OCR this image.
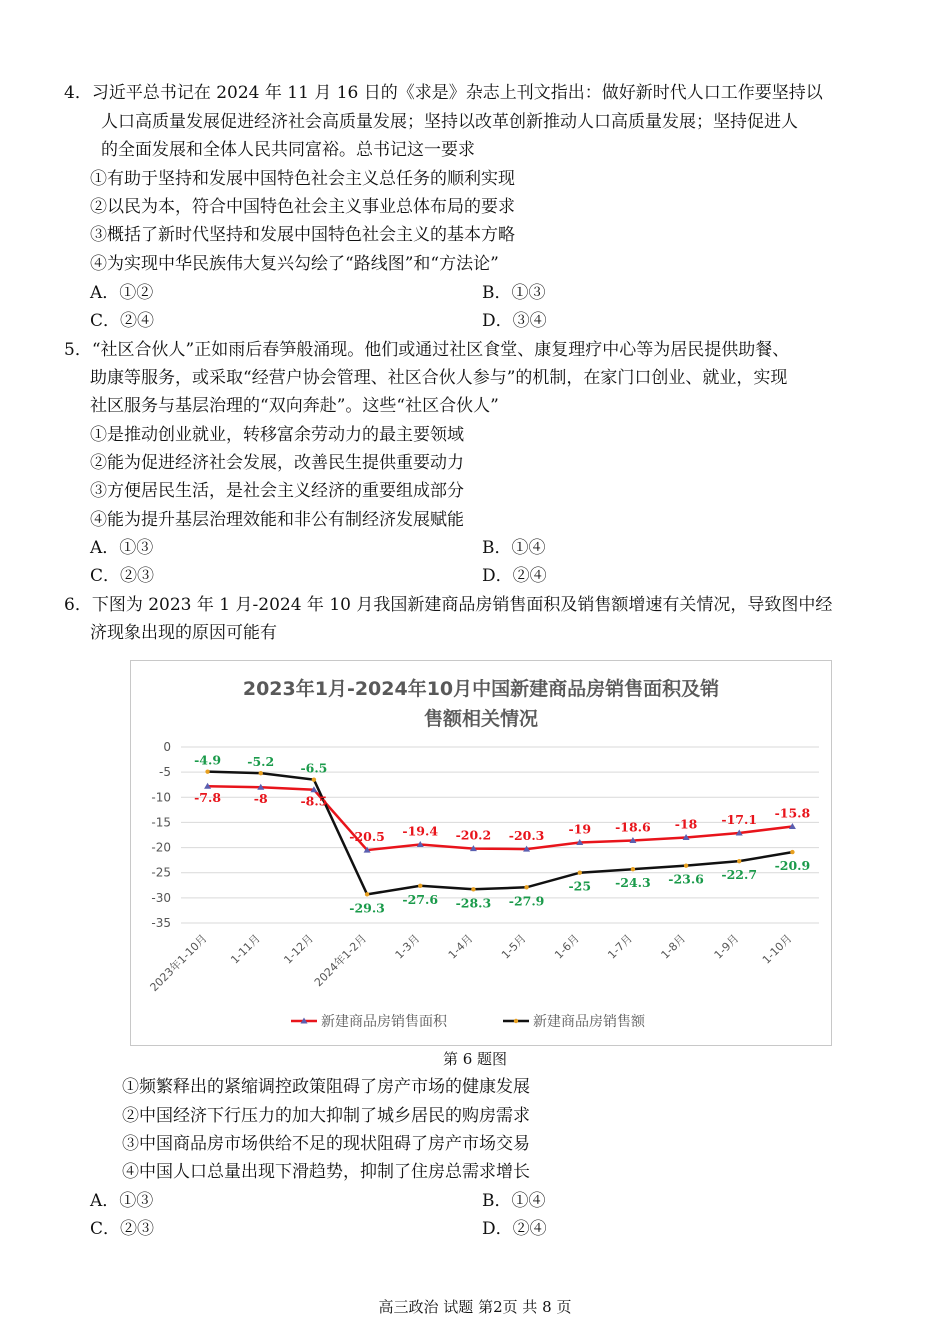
4．习近平总书记在 2024 年 11 月 16 日的《求是》杂志上刊文指出：做好新时代人口工作要坚持以
人口高质量发展促进经济社会高质量发展；坚持以改革创新推动人口高质量发展；坚持促进人
的全面发展和全体人民共同富裕。总书记这一要求
①有助于坚持和发展中国特色社会主义总任务的顺利实现
②以民为本，符合中国特色社会主义事业总体布局的要求
③概括了新时代坚持和发展中国特色社会主义的基本方略
④为实现中华民族伟大复兴勾绘了“路线图”和“方法论”
A．①②	B．①③
C．②④	D．③④
5．“社区合伙人”正如雨后春笋般涌现。他们或通过社区食堂、康复理疗中心等为居民提供助餐、
助康等服务，或采取“经营户协会管理、社区合伙人参与”的机制，在家门口创业、就业，实现
社区服务与基层治理的“双向奔赴”。这些“社区合伙人”
①是推动创业就业，转移富余劳动力的最主要领域
②能为促进经济社会发展，改善民生提供重要动力
③方便居民生活，是社会主义经济的重要组成部分
④能为提升基层治理效能和非公有制经济发展赋能
A．①③	B．①④
C．②③	D．②④
6．下图为 2023 年 1 月-2024 年 10 月我国新建商品房销售面积及销售额增速有关情况，导致图中经
济现象出现的原因可能有
2023年1月-2024年10月中国新建商品房销售面积及销
售额相关情况
0
-5
-10
-15
-20
-25
-30
-35
2023年1-10月 1-11月 1-12月
2024年1-2月 1-3月 1-4月 1-5月 1-6月 1-7月 1-8月 1-9月 1-10月
-7.8	-8	-8.5
-20.5 -19.4 -20.2 -20.3 -19 -18.6 -18 -17.1 -15.8
-4.9 -5.2 -6.5
-29.3
-27.6 -28.3 -27.9
-25 -24.3 -23.6 -22.7
-20.9
新建商品房销售面积	新建商品房销售额
第 6 题图
①频繁释出的紧缩调控政策阻碍了房产市场的健康发展
②中国经济下行压力的加大抑制了城乡居民的购房需求
③中国商品房市场供给不足的现状阻碍了房产市场交易
④中国人口总量出现下滑趋势，抑制了住房总需求增长
A．①③	B．①④
C．②③	D．②④
高三政治 试题 第2页 共 8 页
